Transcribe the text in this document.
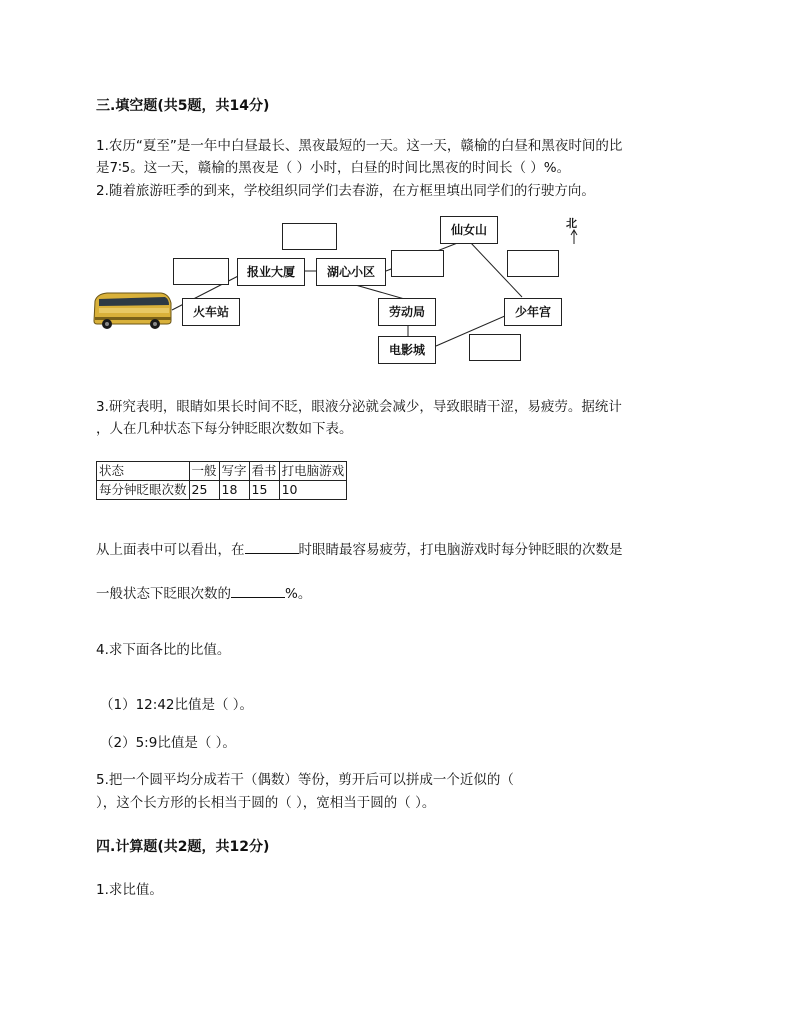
三.填空题(共5题，共14分)
1.农历“夏至”是一年中白昼最长、黑夜最短的一天。这一天，赣榆的白昼和黑夜时间的比
是7∶5。这一天，赣榆的黑夜是（ ）小时，白昼的时间比黑夜的时间长（ ）%。
2.随着旅游旺季的到来，学校组织同学们去春游，在方框里填出同学们的行驶方向。
北
仙女山
报业大厦	湖心小区
火车站	劳动局	少年宫
电影城
3.研究表明，眼睛如果长时间不眨，眼液分泌就会减少，导致眼睛干涩，易疲劳。据统计
，人在几种状态下每分钟眨眼次数如下表。
状态	一般	写字	看书	打电脑游戏
每分钟眨眼次数	25	18	15	10
从上面表中可以看出，在	时眼睛最容易疲劳，打电脑游戏时每分钟眨眼的次数是
一般状态下眨眼次数的	%。
4.求下面各比的比值。
（1）12:42比值是（ ）。
（2）5:9比值是（ ）。
5.把一个圆平均分成若干（偶数）等份，剪开后可以拼成一个近似的（
），这个长方形的长相当于圆的（ ），宽相当于圆的（ ）。
四.计算题(共2题，共12分)
1.求比值。
